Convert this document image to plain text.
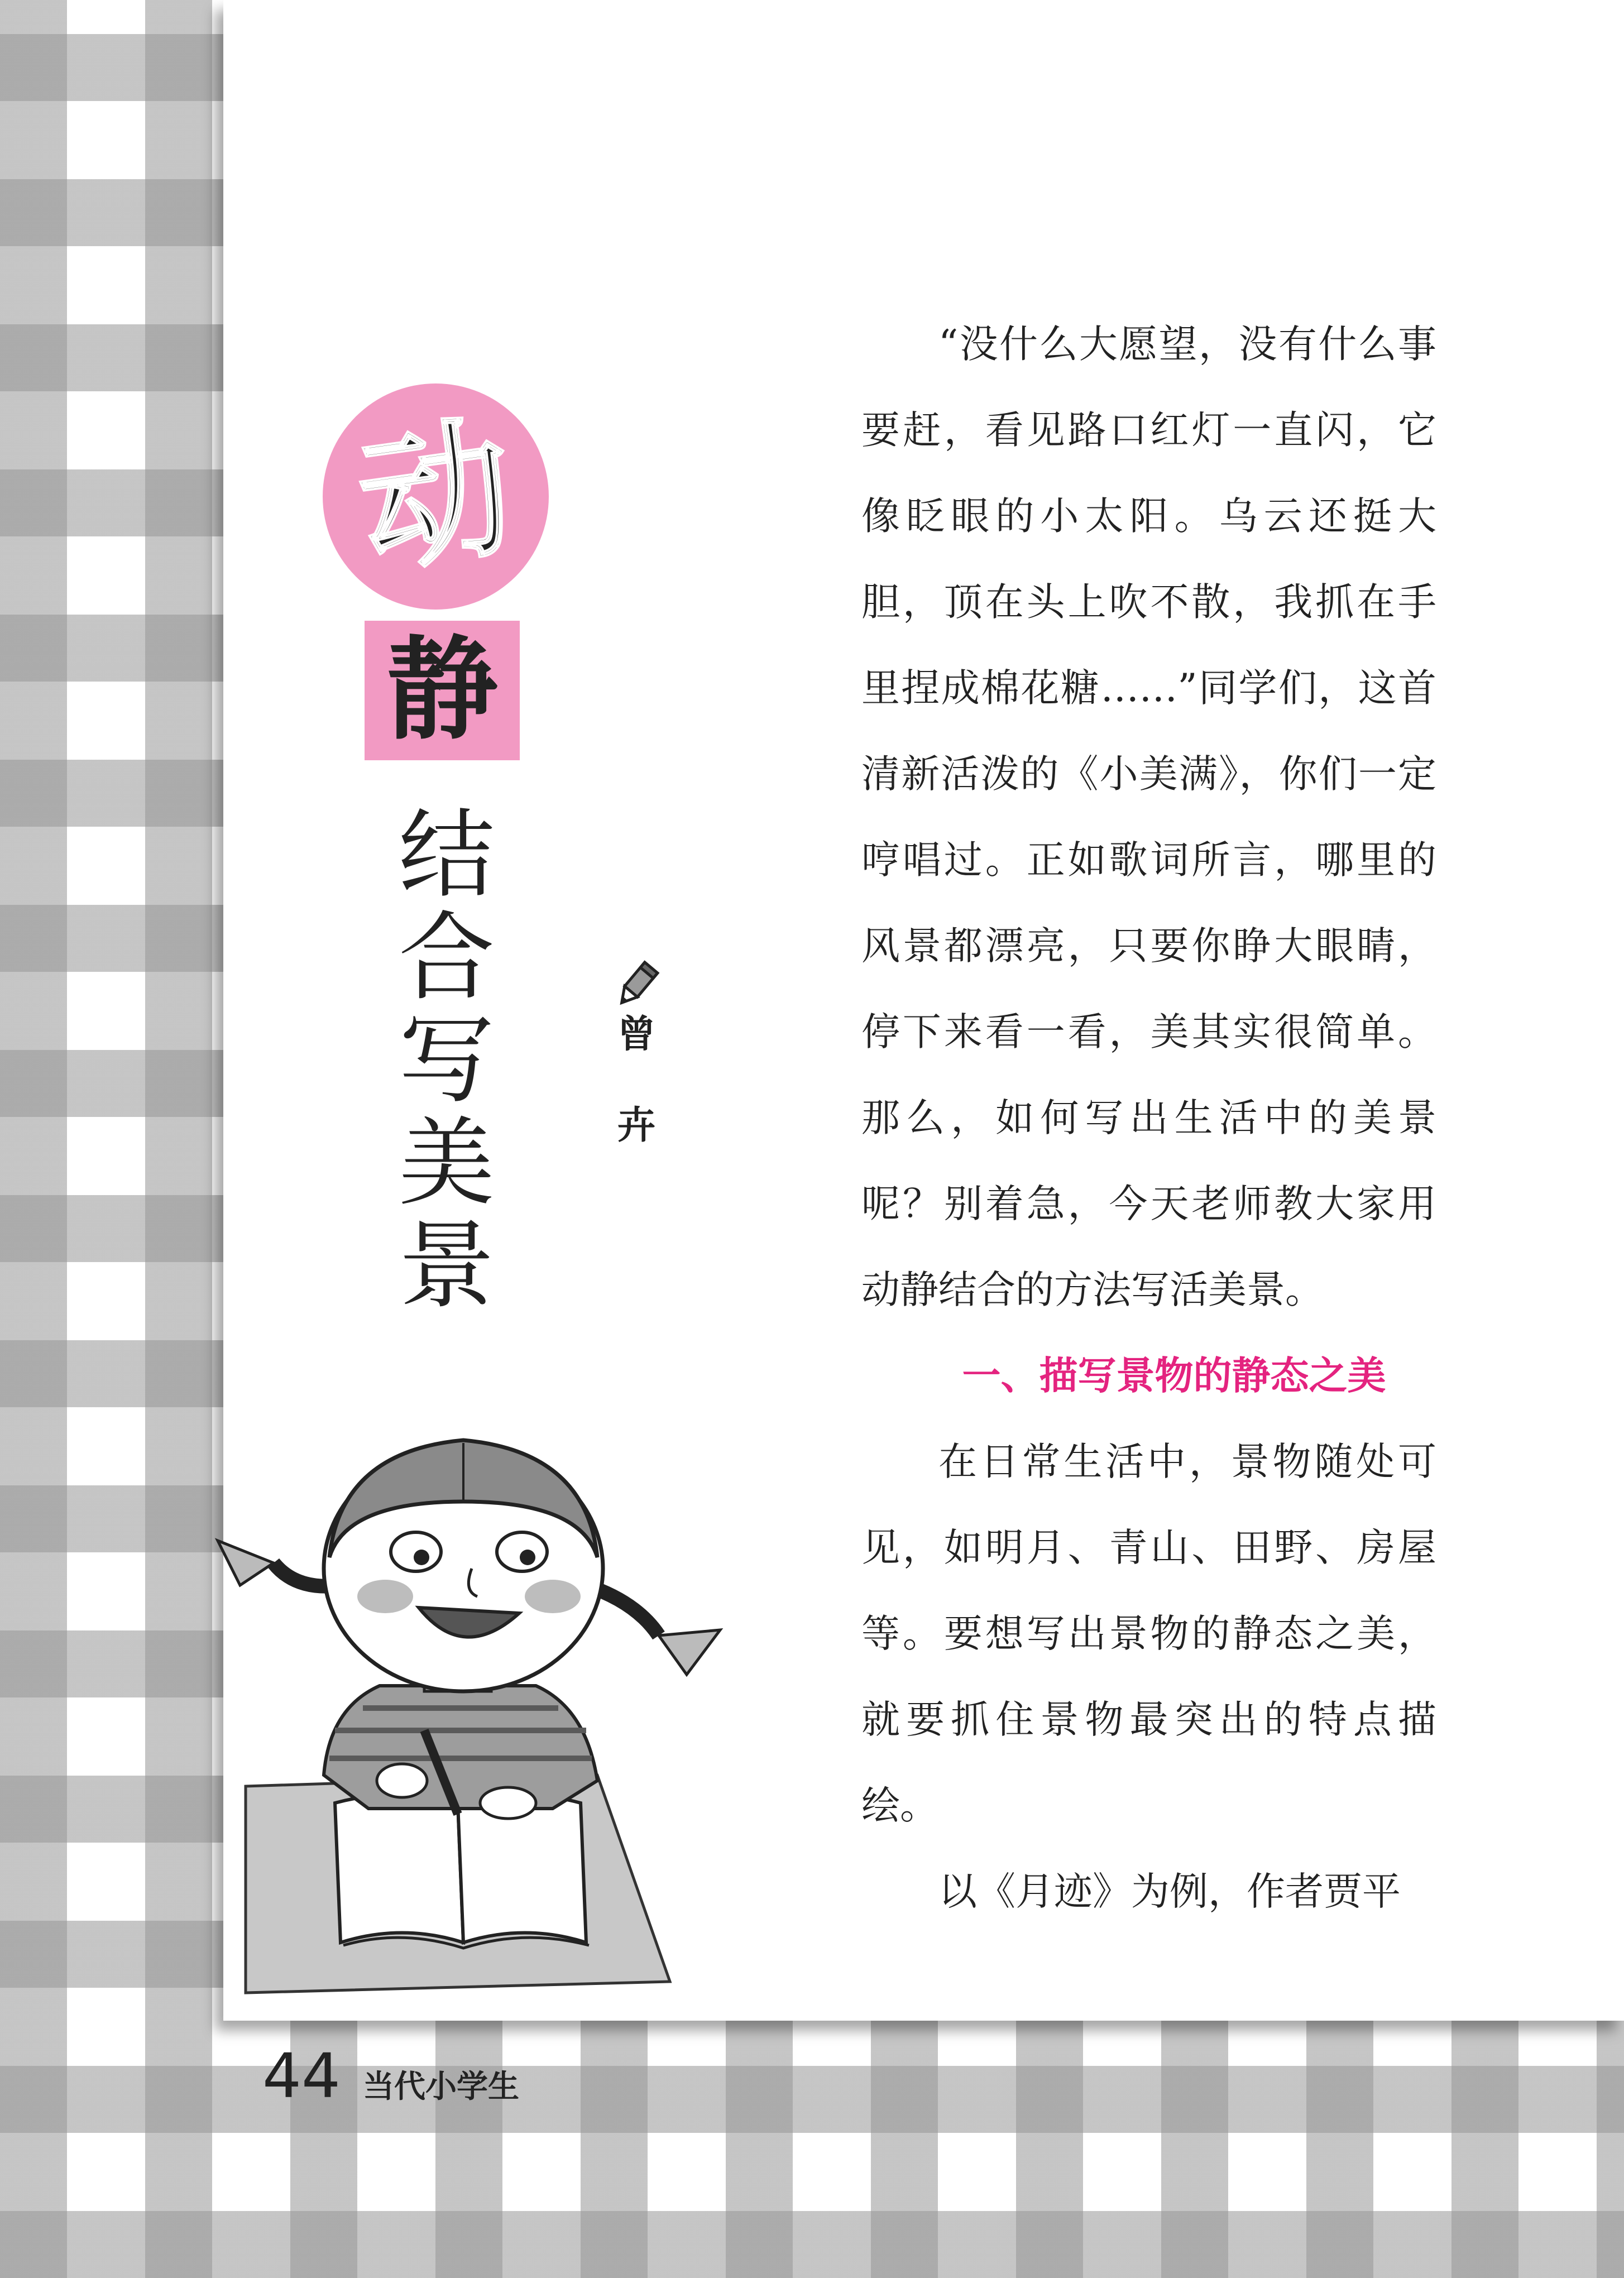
动
静
结
合
写
美
景
曾
卉

“没什么大愿望，没有什么事要赶，看见路口红灯一直闪，它像眨眼的小太阳。乌云还挺大胆，顶在头上吹不散，我抓在手里捏成棉花糖……”同学们，这首清新活泼的《小美满》，你们一定哼唱过。正如歌词所言，哪里的风景都漂亮，只要你睁大眼睛，停下来看一看，美其实很简单。那么，如何写出生活中的美景呢？别着急，今天老师教大家用动静结合的方法写活美景。

一、描写景物的静态之美

在日常生活中，景物随处可见，如明月、青山、田野、房屋等。要想写出景物的静态之美，就要抓住景物最突出的特点描绘。

以《月迹》为例，作者贾平

44 当代小学生
